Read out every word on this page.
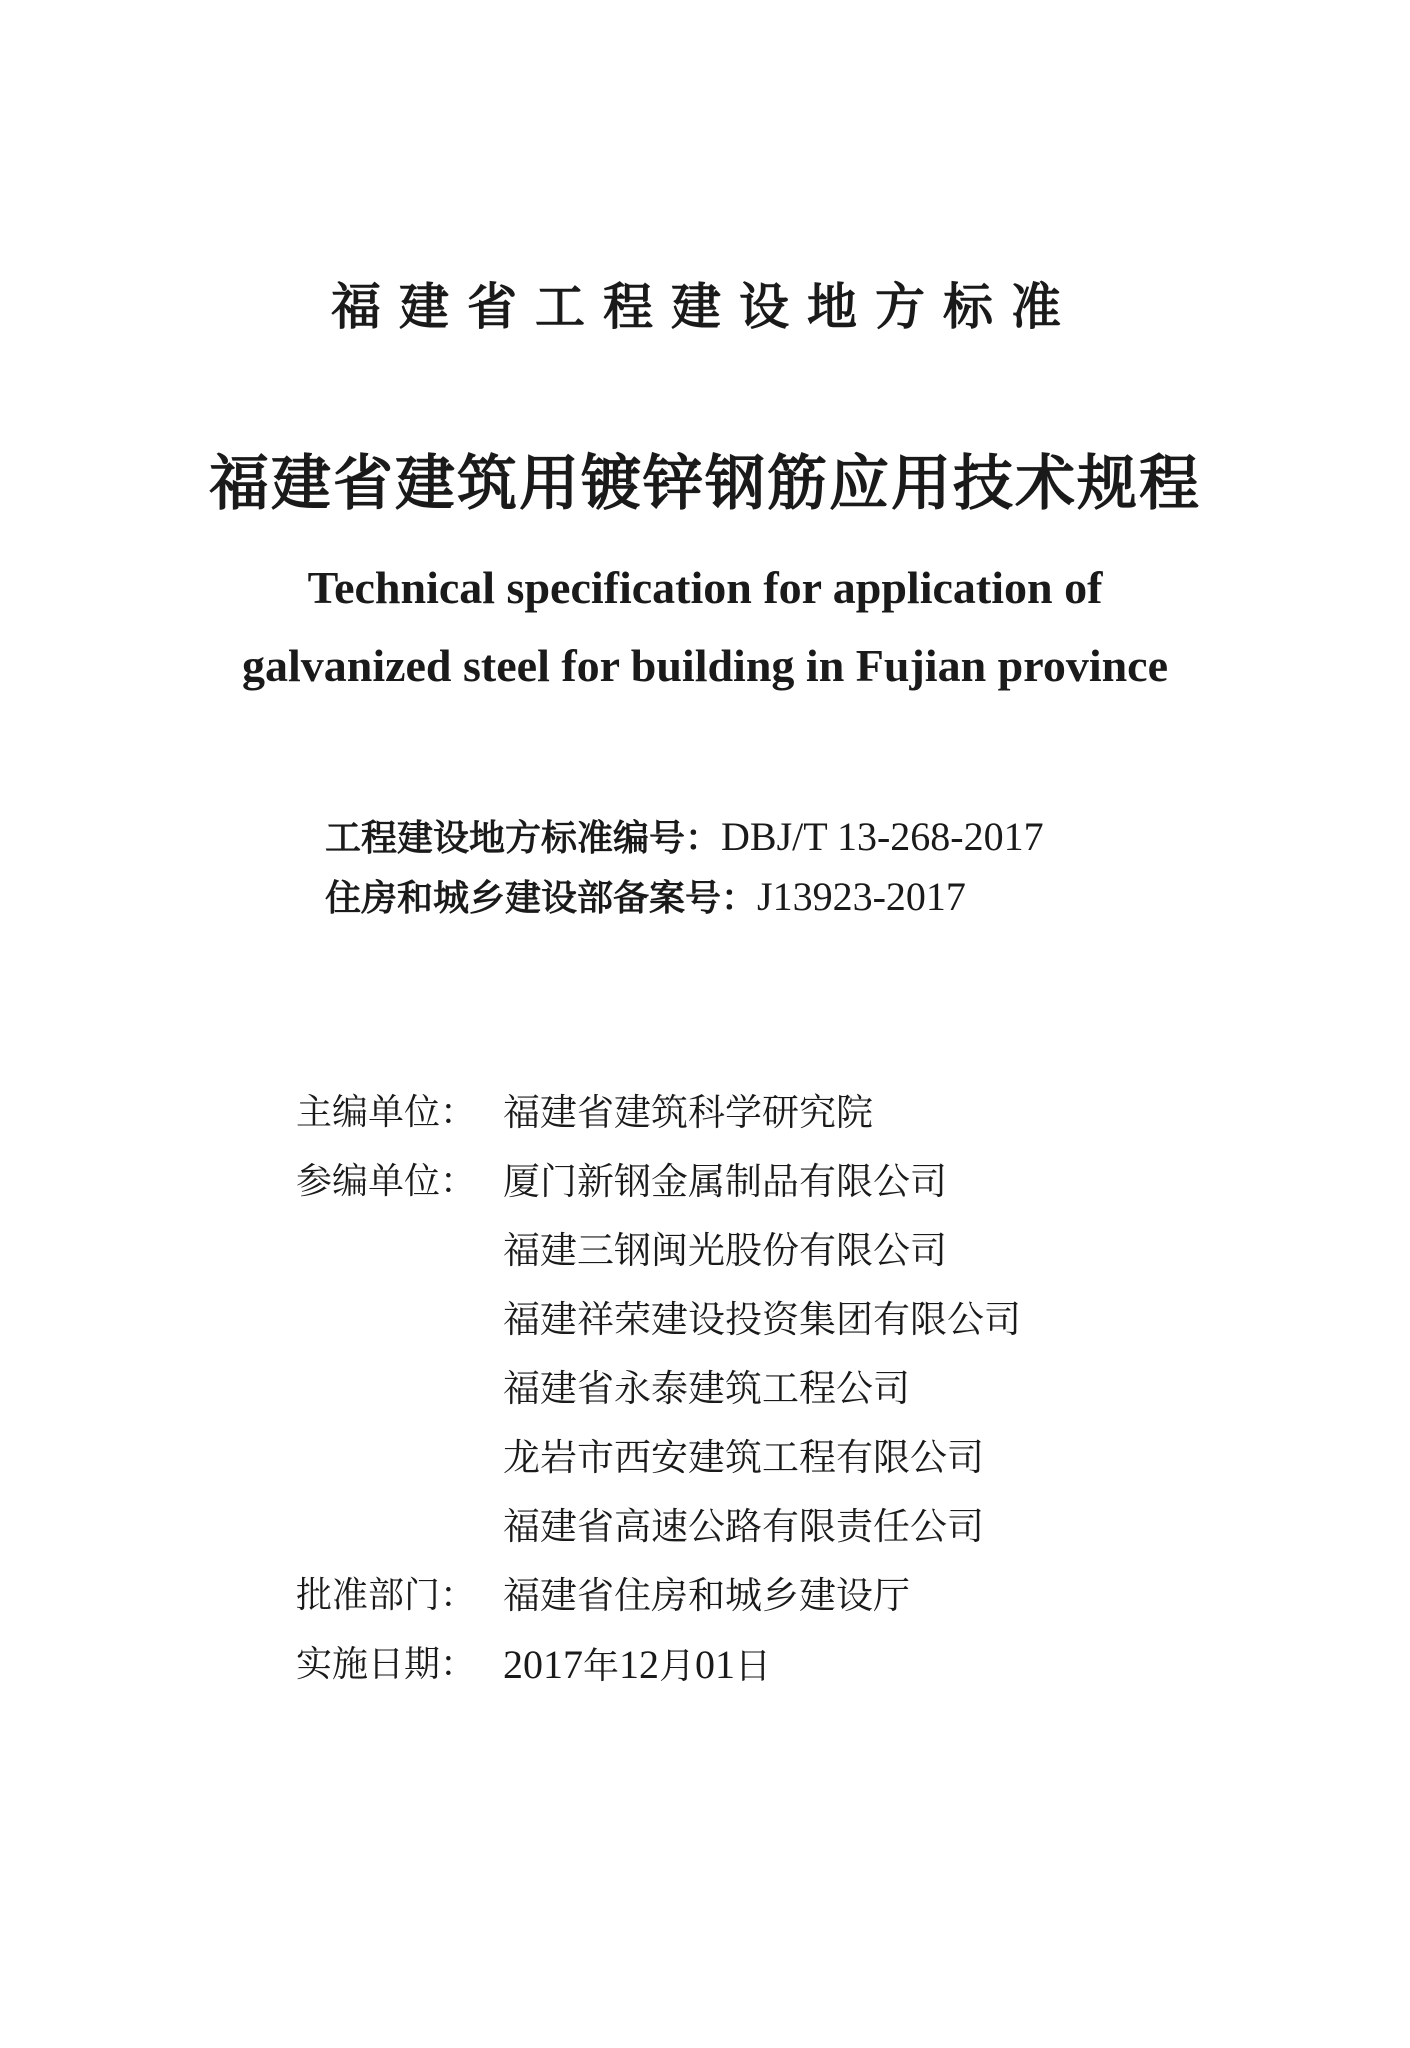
福建省工程建设地方标准
福建省建筑用镀锌钢筋应用技术规程
Technical specification for application of
galvanized steel for building in Fujian province
工程建设地方标准编号：DBJ/T 13-268-2017
住房和城乡建设部备案号：J13923-2017
主编单位： 福建省建筑科学研究院
参编单位： 厦门新钢金属制品有限公司
福建三钢闽光股份有限公司
福建祥荣建设投资集团有限公司
福建省永泰建筑工程公司
龙岩市西安建筑工程有限公司
福建省高速公路有限责任公司
批准部门： 福建省住房和城乡建设厅
实施日期： 2017年12月01日
